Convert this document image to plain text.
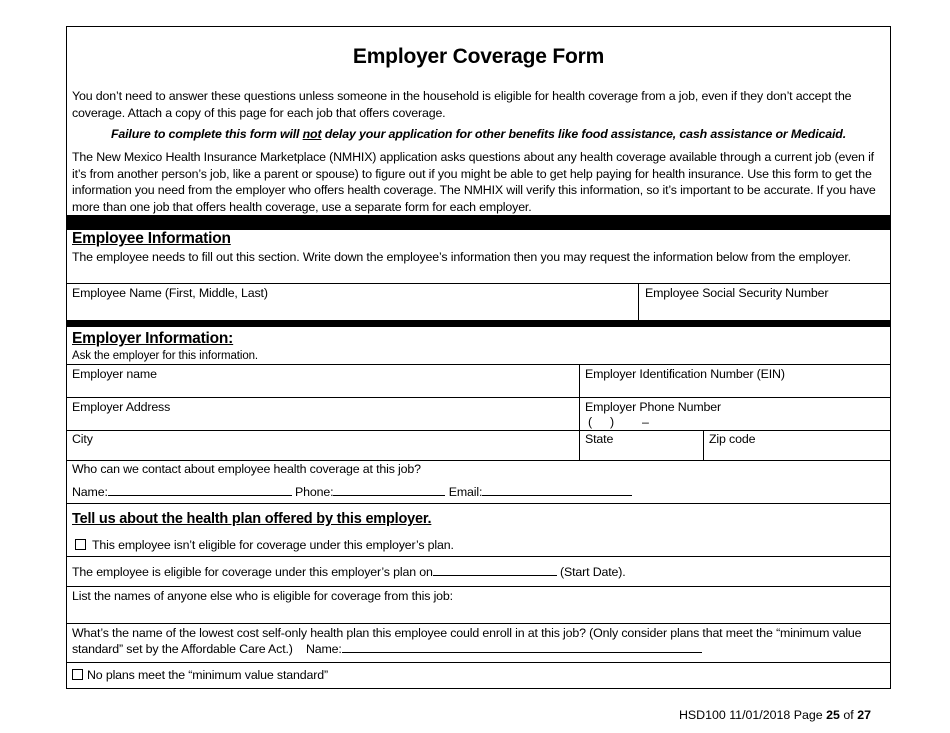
Employer Coverage Form
You don’t need to answer these questions unless someone in the household is eligible for health coverage from a job, even if they don’t accept the coverage. Attach a copy of this page for each job that offers coverage.
Failure to complete this form will not delay your application for other benefits like food assistance, cash assistance or Medicaid.
The New Mexico Health Insurance Marketplace (NMHIX) application asks questions about any health coverage available through a current job (even if it’s from another person’s job, like a parent or spouse) to figure out if you might be able to get help paying for health insurance. Use this form to get the information you need from the employer who offers health coverage. The NMHIX will verify this information, so it’s important to be accurate. If you have more than one job that offers health coverage, use a separate form for each employer.
Employee Information
The employee needs to fill out this section. Write down the employee’s information then you may request the information below from the employer.
Employee Name (First, Middle, Last)	Employee Social Security Number
Employer Information:
Ask the employer for this information.
Employer name	Employer Identification Number (EIN)
Employer Address	Employer Phone Number
( ) –
City	State	Zip code
Who can we contact about employee health coverage at this job?
Name:	Phone:	Email:
Tell us about the health plan offered by this employer.
This employee isn’t eligible for coverage under this employer’s plan.
The employee is eligible for coverage under this employer’s plan on	(Start Date).
List the names of anyone else who is eligible for coverage from this job:
What’s the name of the lowest cost self-only health plan this employee could enroll in at this job? (Only consider plans that meet the “minimum value
standard” set by the Affordable Care Act.) Name:
No plans meet the “minimum value standard”
HSD100 11/01/2018 Page 25 of 27
